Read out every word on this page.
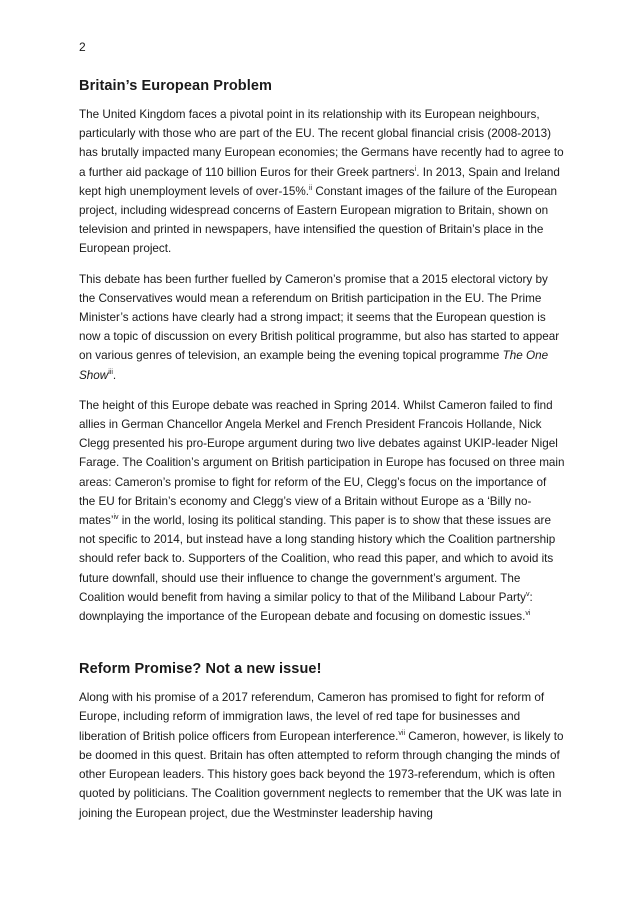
2
Britain’s European Problem

The United Kingdom faces a pivotal point in its relationship with its European neighbours, particularly with those who are part of the EU. The recent global financial crisis (2008-2013) has brutally impacted many European economies; the Germans have recently had to agree to a further aid package of 110 billion Euros for their Greek partners$^i$. In 2013, Spain and Ireland kept high unemployment levels of over-15%.$^{ii}$ Constant images of the failure of the European project, including widespread concerns of Eastern European migration to Britain, shown on television and printed in newspapers, have intensified the question of Britain’s place in the European project.

This debate has been further fuelled by Cameron’s promise that a 2015 electoral victory by the Conservatives would mean a referendum on British participation in the EU. The Prime Minister’s actions have clearly had a strong impact; it seems that the European question is now a topic of discussion on every British political programme, but also has started to appear on various genres of television, an example being the evening topical programme The One Show$^{iii}$.

The height of this Europe debate was reached in Spring 2014. Whilst Cameron failed to find allies in German Chancellor Angela Merkel and French President Francois Hollande, Nick Clegg presented his pro-Europe argument during two live debates against UKIP-leader Nigel Farage. The Coalition’s argument on British participation in Europe has focused on three main areas: Cameron’s promise to fight for reform of the EU, Clegg’s focus on the importance of the EU for Britain’s economy and Clegg’s view of a Britain without Europe as a ‘Billy no-mates’$^{iv}$ in the world, losing its political standing. This paper is to show that these issues are not specific to 2014, but instead have a long standing history which the Coalition partnership should refer back to. Supporters of the Coalition, who read this paper, and which to avoid its future downfall, should use their influence to change the government’s argument. The Coalition would benefit from having a similar policy to that of the Miliband Labour Party$^v$: downplaying the importance of the European debate and focusing on domestic issues.$^{vi}$

Reform Promise? Not a new issue!

Along with his promise of a 2017 referendum, Cameron has promised to fight for reform of Europe, including reform of immigration laws, the level of red tape for businesses and liberation of British police officers from European interference.$^{vii}$ Cameron, however, is likely to be doomed in this quest. Britain has often attempted to reform through changing the minds of other European leaders. This history goes back beyond the 1973-referendum, which is often quoted by politicians. The Coalition government neglects to remember that the UK was late in joining the European project, due the Westminster leadership having
